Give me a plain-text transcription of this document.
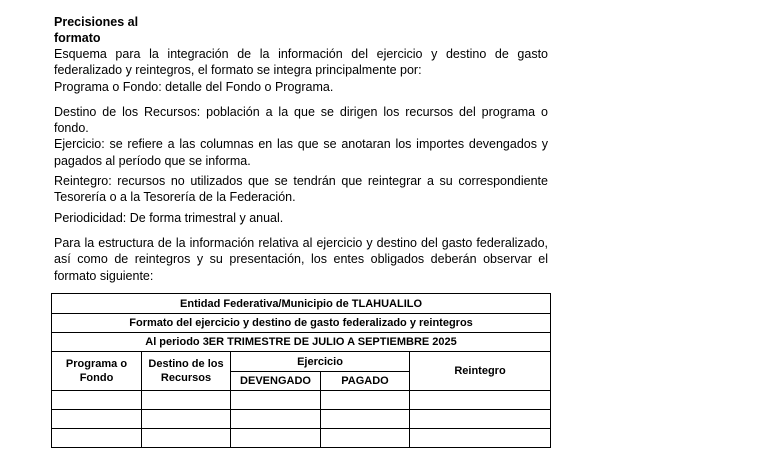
Precisiones al formato

Esquema para la integración de la información del ejercicio y destino de gasto federalizado y reintegros, el formato se integra principalmente por:

Programa o Fondo: detalle del Fondo o Programa.

Destino de los Recursos: población a la que se dirigen los recursos del programa o fondo.

Ejercicio: se refiere a las columnas en las que se anotaran los importes devengados y pagados al período que se informa.

Reintegro: recursos no utilizados que se tendrán que reintegrar a su correspondiente Tesorería o a la Tesorería de la Federación.

Periodicidad: De forma trimestral y anual.

Para la estructura de la información relativa al ejercicio y destino del gasto federalizado, así como de reintegros y su presentación, los entes obligados deberán observar el formato siguiente:

Entidad Federativa/Municipio de TLAHUALILO				
Formato del ejercicio y destino de gasto federalizado y reintegros				
Al periodo 3ER TRIMESTRE DE JULIO A SEPTIEMBRE 2025				
Programa o Fondo	Destino de los Recursos	Ejercicio		Reintegro
		DEVENGADO	PAGADO	
